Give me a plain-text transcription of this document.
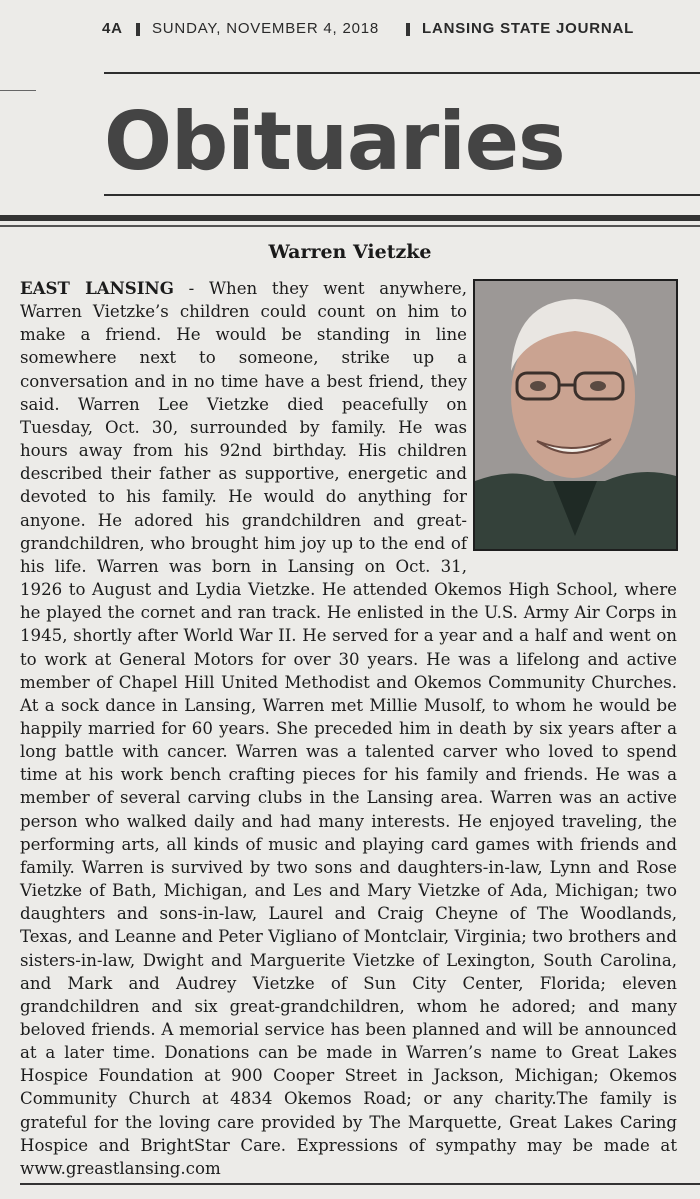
4A SUNDAY, NOVEMBER 4, 2018	LANSING STATE JOURNAL
Obituaries
Warren Vietzke
EAST LANSING - When they went anywhere, Warren Vietzke’s children could count on him to make a friend. He would be standing in line somewhere next to someone, strike up a conversation and in no time have a best friend, they said. Warren Lee Vietzke died peacefully on Tuesday, Oct. 30, surrounded by family. He was hours away from his 92nd birthday. His children described their father as supportive, energetic and devoted to his family. He would do anything for anyone. He adored his grandchildren and great-grandchildren, who brought him joy up to the end of his life. Warren was born in Lansing on Oct. 31, 1926 to August and Lydia Vietzke. He attended Okemos High School, where he played the cornet and ran track. He enlisted in the U.S. Army Air Corps in 1945, shortly after World War II. He served for a year and a half and went on to work at General Motors for over 30 years. He was a lifelong and active member of Chapel Hill United Methodist and Okemos Community Churches. At a sock dance in Lansing, Warren met Millie Musolf, to whom he would be happily married for 60 years. She preceded him in death by six years after a long battle with cancer. Warren was a talented carver who loved to spend time at his work bench crafting pieces for his family and friends. He was a member of several carving clubs in the Lansing area. Warren was an active person who walked daily and had many interests. He enjoyed traveling, the performing arts, all kinds of music and playing card games with friends and family. Warren is survived by two sons and daughters-in-law, Lynn and Rose Vietzke of Bath, Michigan, and Les and Mary Vietzke of Ada, Michigan; two daughters and sons-in-law, Laurel and Craig Cheyne of The Woodlands, Texas, and Leanne and Peter Vigliano of Montclair, Virginia; two brothers and sisters-in-law, Dwight and Marguerite Vietzke of Lexington, South Carolina, and Mark and Audrey Vietzke of Sun City Center, Florida; eleven grandchildren and six great-grandchildren, whom he adored; and many beloved friends. A memorial service has been planned and will be announced at a later time. Donations can be made in Warren’s name to Great Lakes Hospice Foundation at 900 Cooper Street in Jackson, Michigan; Okemos Community Church at 4834 Okemos Road; or any charity.The family is grateful for the loving care provided by The Marquette, Great Lakes Caring Hospice and BrightStar Care. Expressions of sympathy may be made at www.greastlansing.com
